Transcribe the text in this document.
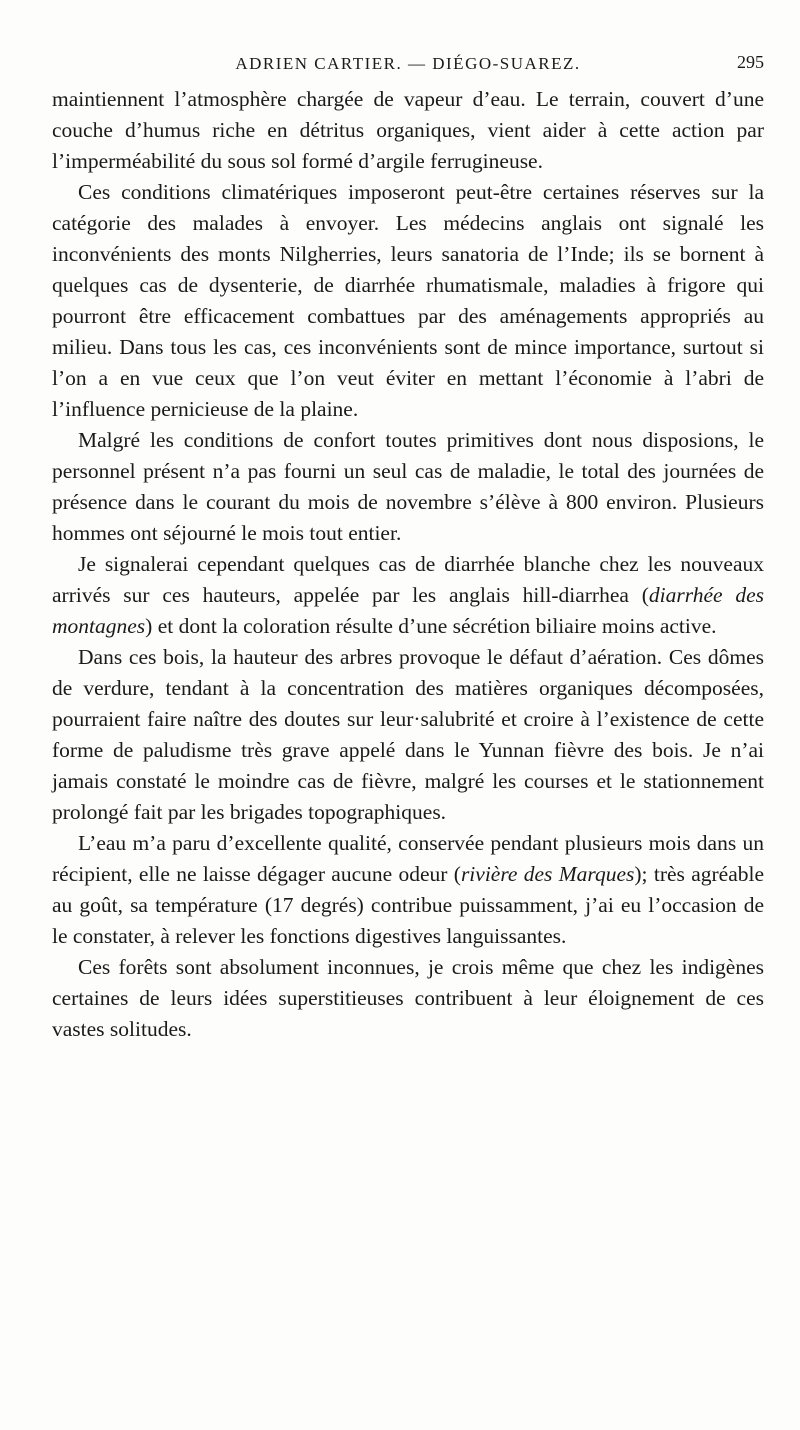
ADRIEN CARTIER. — DIÉGO-SUAREZ.	295

maintiennent l’atmosphère chargée de vapeur d’eau. Le terrain, couvert d’une couche d’humus riche en détritus organiques, vient aider à cette action par l’imperméabilité du sous sol formé d’argile ferrugineuse.

Ces conditions climatériques imposeront peut-être certaines réserves sur la catégorie des malades à envoyer. Les médecins anglais ont signalé les inconvénients des monts Nilgherries, leurs sanatoria de l’Inde; ils se bornent à quelques cas de dysenterie, de diarrhée rhumatismale, maladies à frigore qui pourront être efficacement combattues par des aménagements appropriés au milieu. Dans tous les cas, ces inconvénients sont de mince importance, surtout si l’on a en vue ceux que l’on veut éviter en mettant l’économie à l’abri de l’influence pernicieuse de la plaine.

Malgré les conditions de confort toutes primitives dont nous disposions, le personnel présent n’a pas fourni un seul cas de maladie, le total des journées de présence dans le courant du mois de novembre s’élève à 800 environ. Plusieurs hommes ont séjourné le mois tout entier.

Je signalerai cependant quelques cas de diarrhée blanche chez les nouveaux arrivés sur ces hauteurs, appelée par les anglais hill-diarrhea (diarrhée des montagnes) et dont la coloration résulte d’une sécrétion biliaire moins active.

Dans ces bois, la hauteur des arbres provoque le défaut d’aération. Ces dômes de verdure, tendant à la concentration des matières organiques décomposées, pourraient faire naître des doutes sur leur·salubrité et croire à l’existence de cette forme de paludisme très grave appelé dans le Yunnan fièvre des bois. Je n’ai jamais constaté le moindre cas de fièvre, malgré les courses et le stationnement prolongé fait par les brigades topographiques.

L’eau m’a paru d’excellente qualité, conservée pendant plusieurs mois dans un récipient, elle ne laisse dégager aucune odeur (rivière des Marques); très agréable au goût, sa température (17 degrés) contribue puissamment, j’ai eu l’occasion de le constater, à relever les fonctions digestives languissantes.

Ces forêts sont absolument inconnues, je crois même que chez les indigènes certaines de leurs idées superstitieuses contribuent à leur éloignement de ces vastes solitudes.
